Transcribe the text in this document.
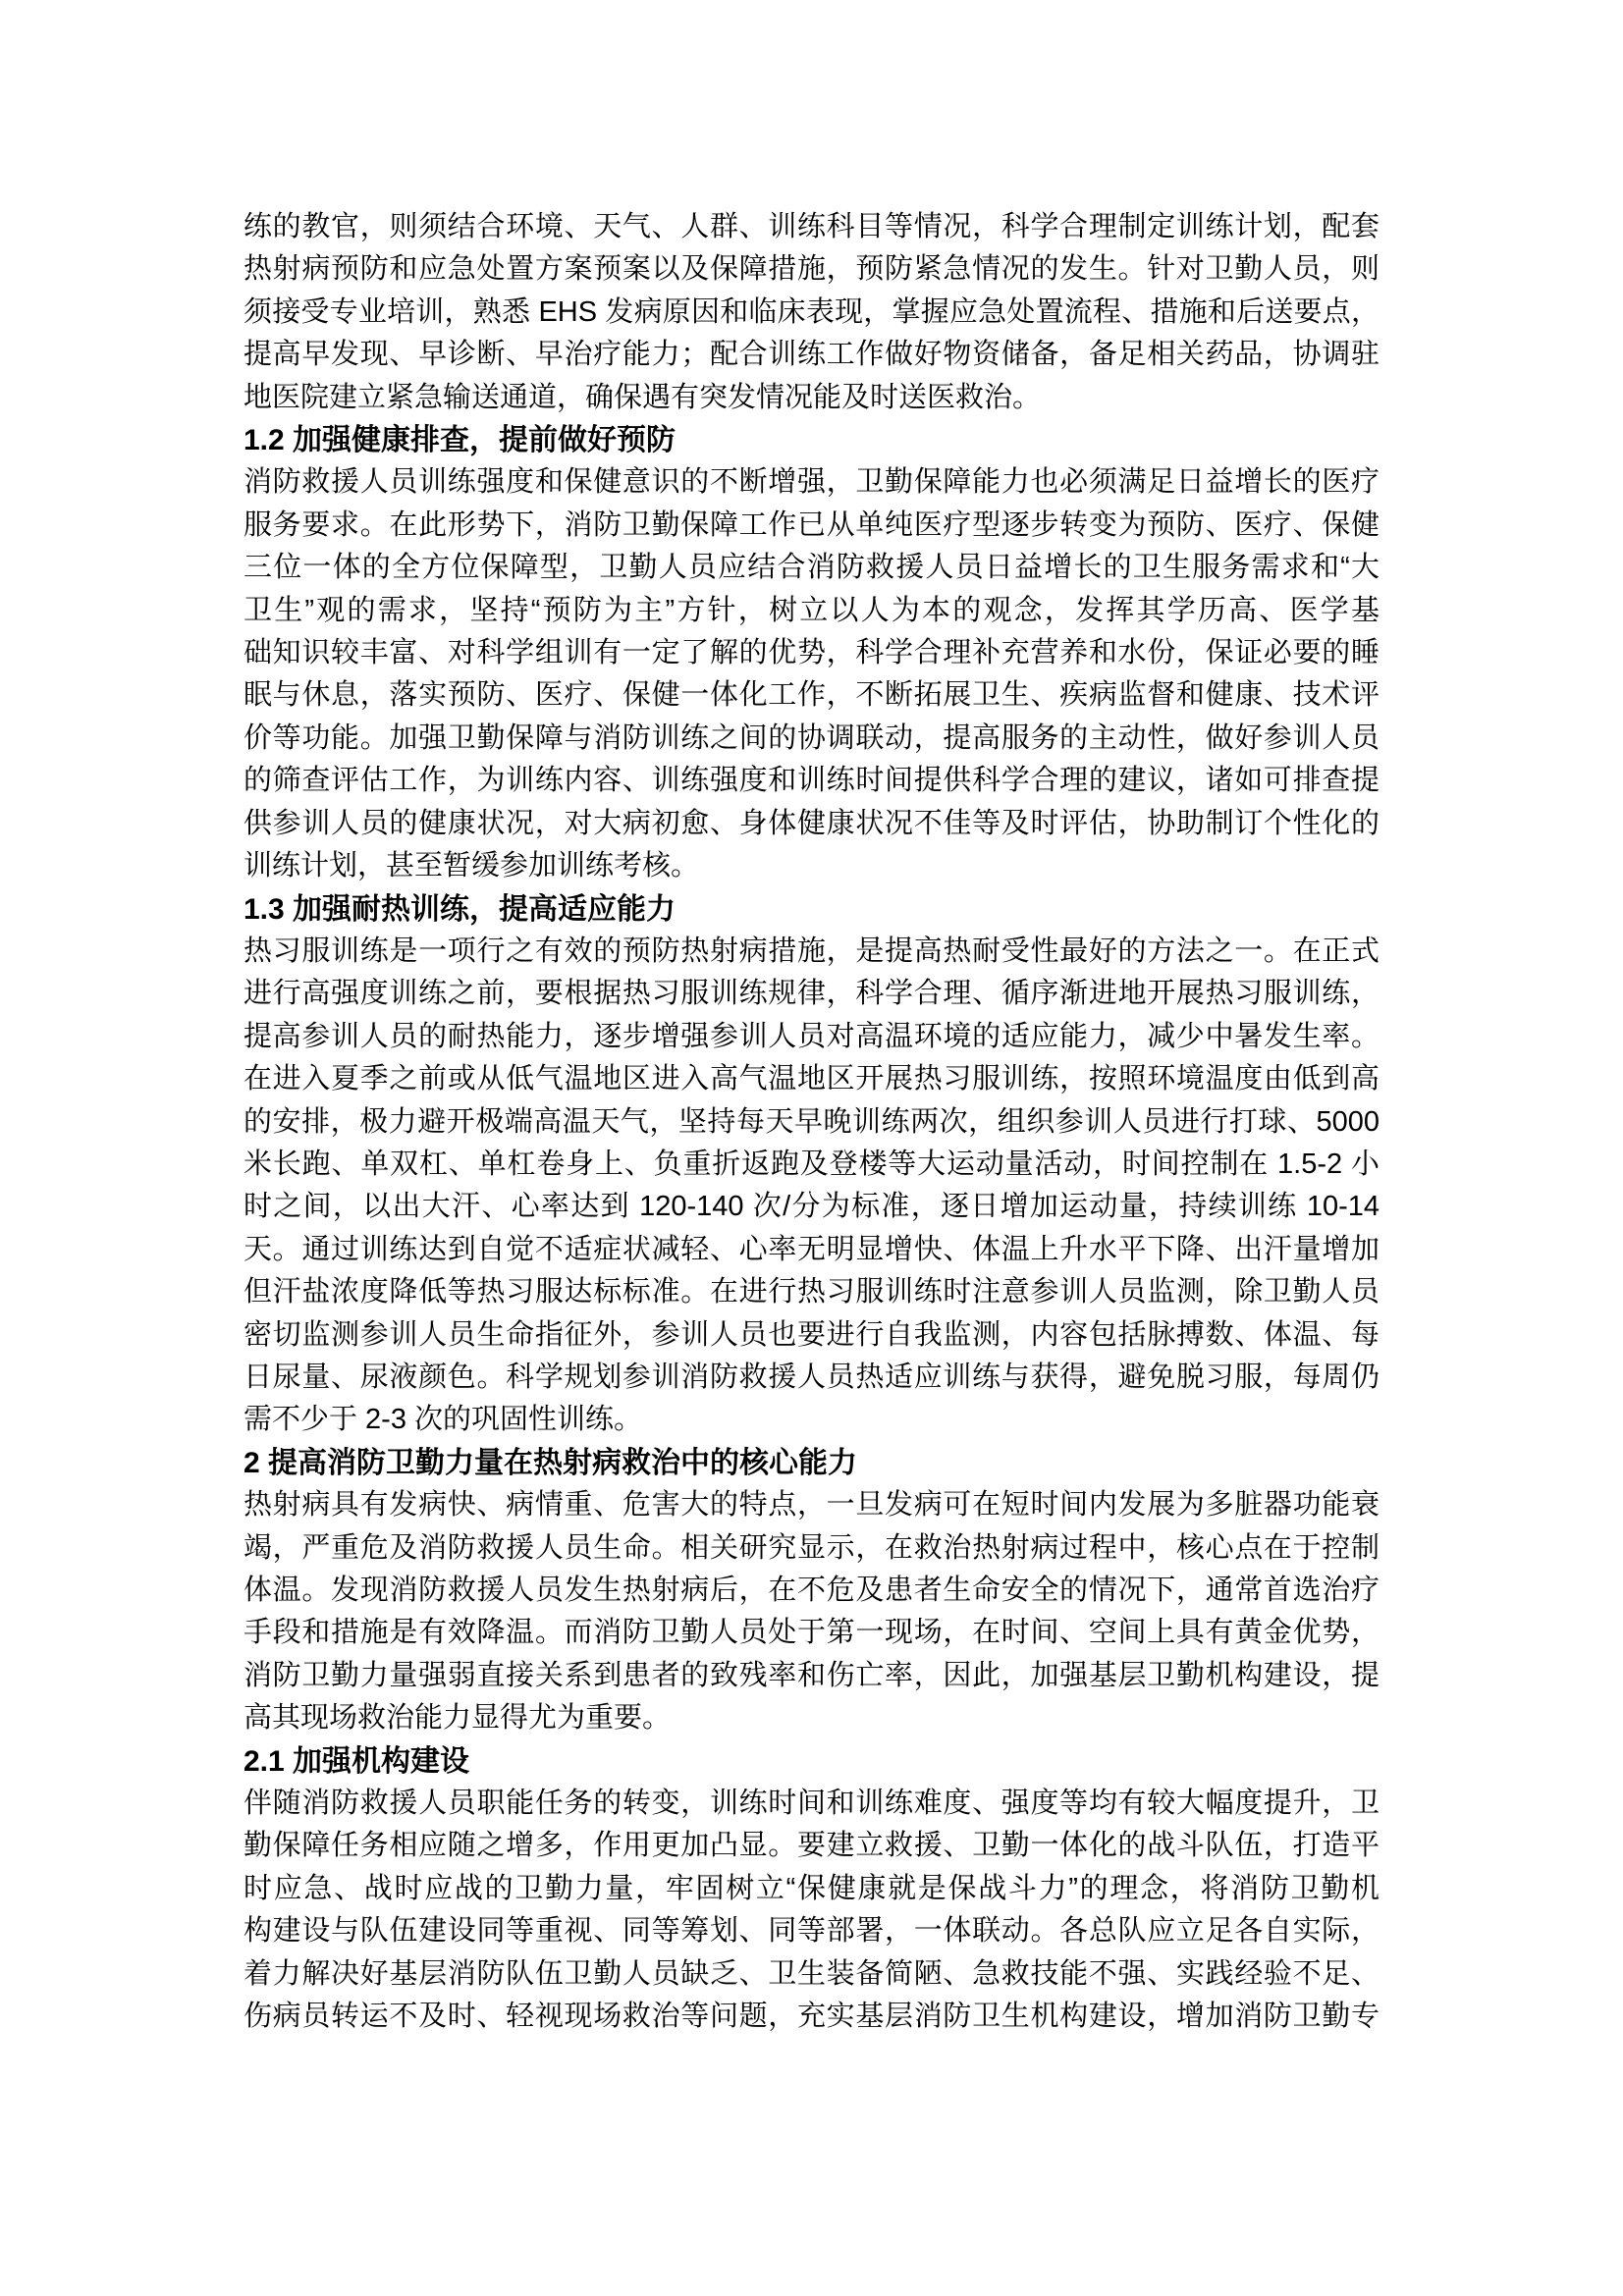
练的教官，则须结合环境、天气、人群、训练科目等情况，科学合理制定训练计划，配套
热射病预防和应急处置方案预案以及保障措施，预防紧急情况的发生。针对卫勤人员，则
须接受专业培训，熟悉 EHS 发病原因和临床表现，掌握应急处置流程、措施和后送要点，
提高早发现、早诊断、早治疗能力；配合训练工作做好物资储备，备足相关药品，协调驻
地医院建立紧急输送通道，确保遇有突发情况能及时送医救治。
1.2 加强健康排查，提前做好预防
消防救援人员训练强度和保健意识的不断增强，卫勤保障能力也必须满足日益增长的医疗
服务要求。在此形势下，消防卫勤保障工作已从单纯医疗型逐步转变为预防、医疗、保健
三位一体的全方位保障型，卫勤人员应结合消防救援人员日益增长的卫生服务需求和“大
卫生”观的需求，坚持“预防为主”方针，树立以人为本的观念，发挥其学历高、医学基
础知识较丰富、对科学组训有一定了解的优势，科学合理补充营养和水份，保证必要的睡
眠与休息，落实预防、医疗、保健一体化工作，不断拓展卫生、疾病监督和健康、技术评
价等功能。加强卫勤保障与消防训练之间的协调联动，提高服务的主动性，做好参训人员
的筛查评估工作，为训练内容、训练强度和训练时间提供科学合理的建议，诸如可排查提
供参训人员的健康状况，对大病初愈、身体健康状况不佳等及时评估，协助制订个性化的
训练计划，甚至暂缓参加训练考核。
1.3 加强耐热训练，提高适应能力
热习服训练是一项行之有效的预防热射病措施，是提高热耐受性最好的方法之一。在正式
进行高强度训练之前，要根据热习服训练规律，科学合理、循序渐进地开展热习服训练，
提高参训人员的耐热能力，逐步增强参训人员对高温环境的适应能力，减少中暑发生率。
在进入夏季之前或从低气温地区进入高气温地区开展热习服训练，按照环境温度由低到高
的安排，极力避开极端高温天气，坚持每天早晚训练两次，组织参训人员进行打球、5000
米长跑、单双杠、单杠卷身上、负重折返跑及登楼等大运动量活动，时间控制在 1.5-2 小
时之间，以出大汗、心率达到 120-140 次/分为标准，逐日增加运动量，持续训练 10-14
天。通过训练达到自觉不适症状减轻、心率无明显增快、体温上升水平下降、出汗量增加
但汗盐浓度降低等热习服达标标准。在进行热习服训练时注意参训人员监测，除卫勤人员
密切监测参训人员生命指征外，参训人员也要进行自我监测，内容包括脉搏数、体温、每
日尿量、尿液颜色。科学规划参训消防救援人员热适应训练与获得，避免脱习服，每周仍
需不少于 2-3 次的巩固性训练。
2 提高消防卫勤力量在热射病救治中的核心能力
热射病具有发病快、病情重、危害大的特点，一旦发病可在短时间内发展为多脏器功能衰
竭，严重危及消防救援人员生命。相关研究显示，在救治热射病过程中，核心点在于控制
体温。发现消防救援人员发生热射病后，在不危及患者生命安全的情况下，通常首选治疗
手段和措施是有效降温。而消防卫勤人员处于第一现场，在时间、空间上具有黄金优势，
消防卫勤力量强弱直接关系到患者的致残率和伤亡率，因此，加强基层卫勤机构建设，提
高其现场救治能力显得尤为重要。
2.1 加强机构建设
伴随消防救援人员职能任务的转变，训练时间和训练难度、强度等均有较大幅度提升，卫
勤保障任务相应随之增多，作用更加凸显。要建立救援、卫勤一体化的战斗队伍，打造平
时应急、战时应战的卫勤力量，牢固树立“保健康就是保战斗力”的理念，将消防卫勤机
构建设与队伍建设同等重视、同等筹划、同等部署，一体联动。各总队应立足各自实际，
着力解决好基层消防队伍卫勤人员缺乏、卫生装备简陋、急救技能不强、实践经验不足、
伤病员转运不及时、轻视现场救治等问题，充实基层消防卫生机构建设，增加消防卫勤专
